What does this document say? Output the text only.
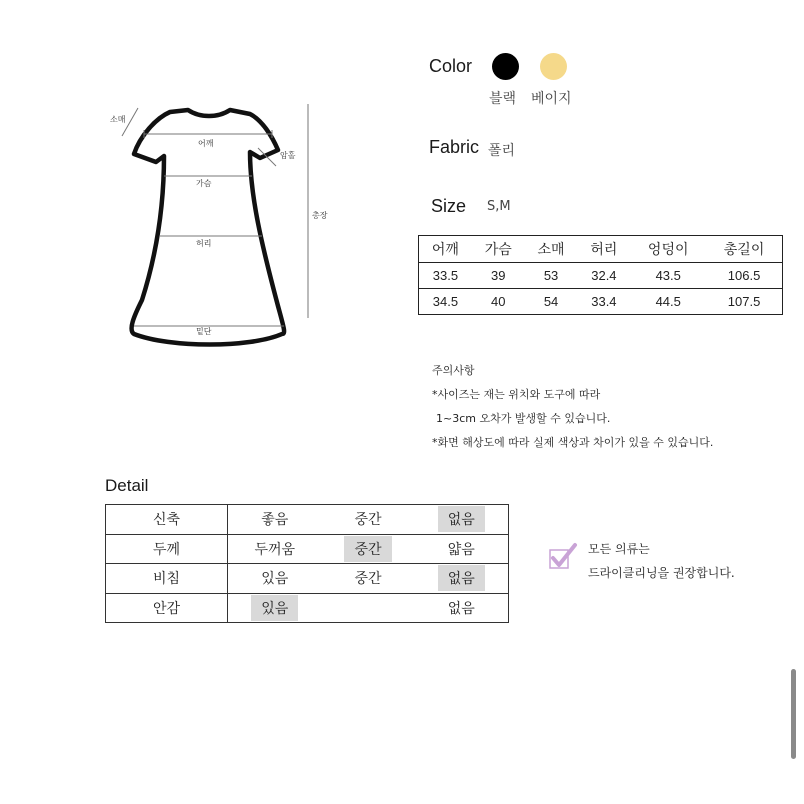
소매
어깨
암홀
가슴
총장
허리
밑단
Color
블랙 베이지
Fabric 폴리
Size S,M
어깨	가슴	소매	허리	엉덩이	총길이
33.5	39	53	32.4	43.5	106.5
34.5	40	54	33.4	44.5	107.5
주의사항
*사이즈는 재는 위치와 도구에 따라
1~3cm 오차가 발생할 수 있습니다.
*화면 해상도에 따라 실제 색상과 차이가 있을 수 있습니다.
Detail
신축	좋음	중간	없음
두께	두꺼움	중간	얇음
비침	있음	중간	없음
안감	있음		없음
모든 의류는
드라이클리닝을 권장합니다.
